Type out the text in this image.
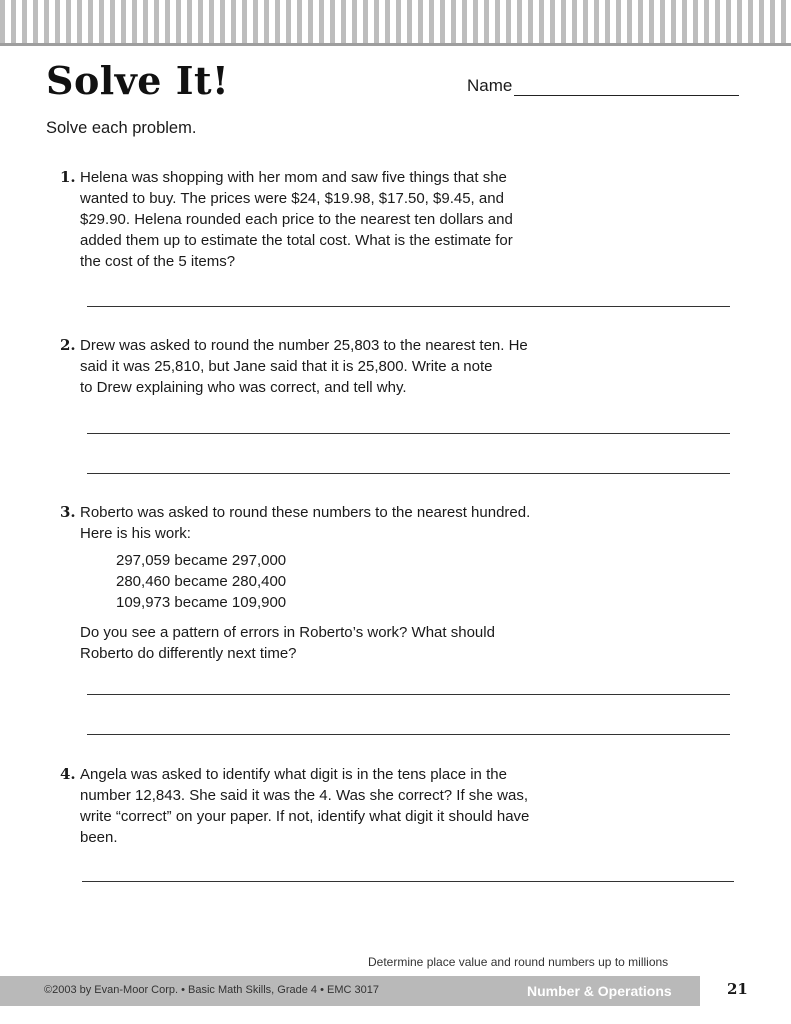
Solve It!	Name
Solve each problem.
1. Helena was shopping with her mom and saw five things that she
wanted to buy. The prices were $24, $19.98, $17.50, $9.45, and
$29.90. Helena rounded each price to the nearest ten dollars and
added them up to estimate the total cost. What is the estimate for
the cost of the 5 items?
2. Drew was asked to round the number 25,803 to the nearest ten. He
said it was 25,810, but Jane said that it is 25,800. Write a note
to Drew explaining who was correct, and tell why.
3. Roberto was asked to round these numbers to the nearest hundred.
Here is his work:
297,059 became 297,000
280,460 became 280,400
109,973 became 109,900
Do you see a pattern of errors in Roberto’s work? What should
Roberto do differently next time?
4. Angela was asked to identify what digit is in the tens place in the
number 12,843. She said it was the 4. Was she correct? If she was,
write “correct” on your paper. If not, identify what digit it should have
been.
Determine place value and round numbers up to millions
©2003 by Evan-Moor Corp. • Basic Math Skills, Grade 4 • EMC 3017	Number & Operations	21
